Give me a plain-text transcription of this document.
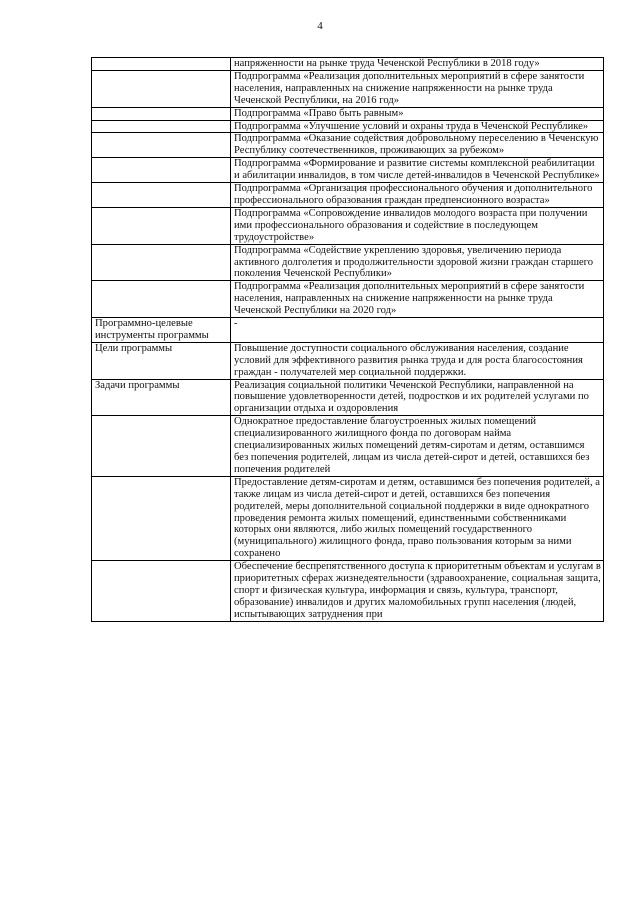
4
	напряженности на рынке труда Чеченской Республики в 2018 году»
	Подпрограмма «Реализация дополнительных мероприятий в сфере занятости населения, направленных на снижение напряженности на рынке труда Чеченской Республики, на 2016 год»
	Подпрограмма «Право быть равным»
	Подпрограмма «Улучшение условий и охраны труда в Чеченской Республике»
	Подпрограмма «Оказание содействия добровольному переселению в Чеченскую Республику соотечественников, проживающих за рубежом»
	Подпрограмма «Формирование и развитие системы комплексной реабилитации и абилитации инвалидов, в том числе детей-инвалидов в Чеченской Республике»
	Подпрограмма «Организация профессионального обучения и дополнительного профессионального образования граждан предпенсионного возраста»
	Подпрограмма «Сопровождение инвалидов молодого возраста при получении ими профессионального образования и содействие в последующем трудоустройстве»
	Подпрограмма «Содействие укреплению здоровья, увеличению периода активного долголетия и продолжительности здоровой жизни граждан старшего поколения Чеченской Республики»
	Подпрограмма «Реализация дополнительных мероприятий в сфере занятости населения, направленных на снижение напряженности на рынке труда Чеченской Республики на 2020 год»
Программно-целевые инструменты программы	-
Цели программы	Повышение доступности социального обслуживания населения, создание условий для эффективного развития рынка труда и для роста благосостояния граждан - получателей мер социальной поддержки.
Задачи программы	Реализация социальной политики Чеченской Республики, направленной на повышение удовлетворенности детей, подростков и их родителей услугами по организации отдыха и оздоровления
	Однократное предоставление благоустроенных жилых помещений специализированного жилищного фонда по договорам найма специализированных жилых помещений детям-сиротам и детям, оставшимся без попечения родителей, лицам из числа детей-сирот и детей, оставшихся без попечения родителей
	Предоставление детям-сиротам и детям, оставшимся без попечения родителей, а также лицам из числа детей-сирот и детей, оставшихся без попечения родителей, меры дополнительной социальной поддержки в виде однократного проведения ремонта жилых помещений, единственными собственниками которых они являются, либо жилых помещений государственного (муниципального) жилищного фонда, право пользования которым за ними сохранено
	Обеспечение беспрепятственного доступа к приоритетным объектам и услугам в приоритетных сферах жизнедеятельности (здравоохранение, социальная защита, спорт и физическая культура, информация и связь, культура, транспорт, образование) инвалидов и других маломобильных групп населения (людей, испытывающих затруднения при
